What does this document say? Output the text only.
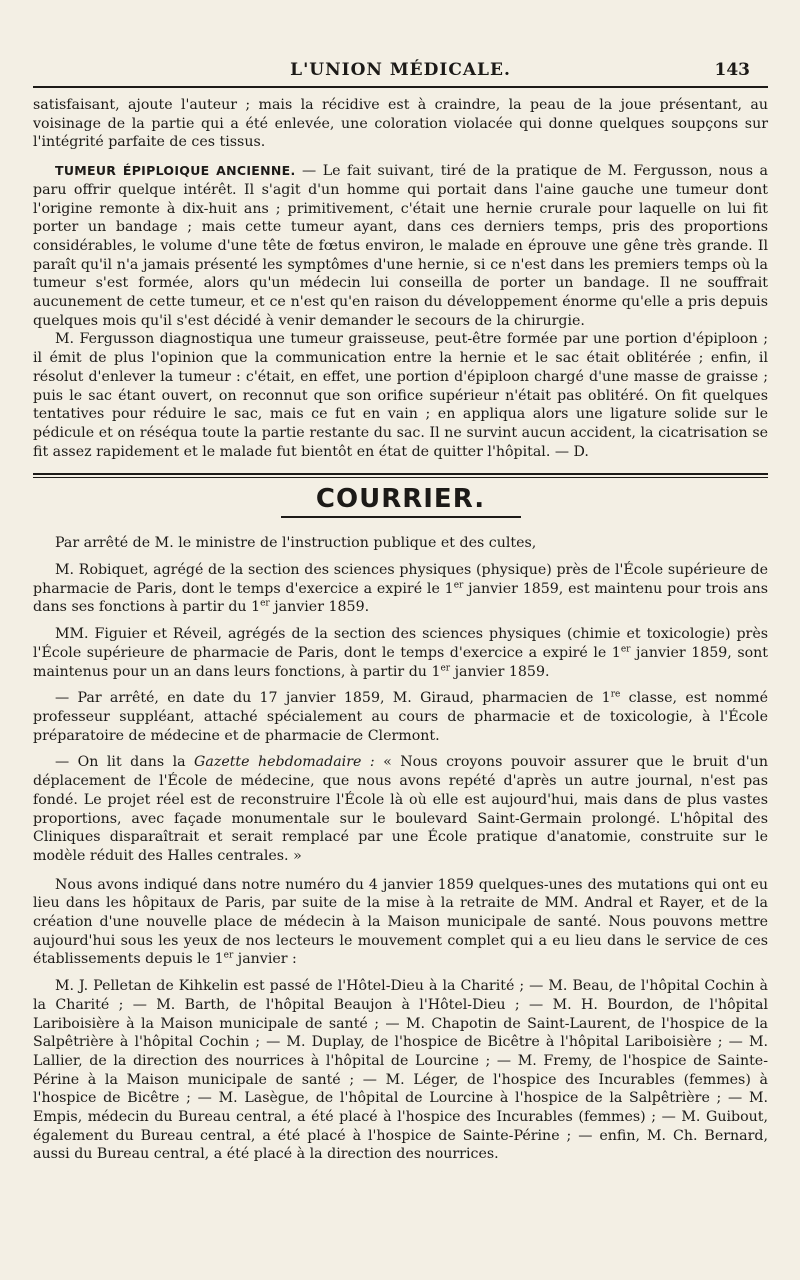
L'UNION MÉDICALE.	143

satisfaisant, ajoute l'auteur ; mais la récidive est à craindre, la peau de la joue présentant, au voisinage de la partie qui a été enlevée, une coloration violacée qui donne quelques soupçons sur l'intégrité parfaite de ces tissus.

TUMEUR ÉPIPLOIQUE ANCIENNE. — Le fait suivant, tiré de la pratique de M. Fergusson, nous a paru offrir quelque intérêt. Il s'agit d'un homme qui portait dans l'aine gauche une tumeur dont l'origine remonte à dix-huit ans ; primitivement, c'était une hernie crurale pour laquelle on lui fit porter un bandage ; mais cette tumeur ayant, dans ces derniers temps, pris des proportions considérables, le volume d'une tête de fœtus environ, le malade en éprouve une gêne très grande. Il paraît qu'il n'a jamais présenté les symptômes d'une hernie, si ce n'est dans les premiers temps où la tumeur s'est formée, alors qu'un médecin lui conseilla de porter un bandage. Il ne souffrait aucunement de cette tumeur, et ce n'est qu'en raison du développement énorme qu'elle a pris depuis quelques mois qu'il s'est décidé à venir demander le secours de la chirurgie.

M. Fergusson diagnostiqua une tumeur graisseuse, peut-être formée par une portion d'épiploon ; il émit de plus l'opinion que la communication entre la hernie et le sac était oblitérée ; enfin, il résolut d'enlever la tumeur : c'était, en effet, une portion d'épiploon chargé d'une masse de graisse ; puis le sac étant ouvert, on reconnut que son orifice supérieur n'était pas oblitéré. On fit quelques tentatives pour réduire le sac, mais ce fut en vain ; en appliqua alors une ligature solide sur le pédicule et on réséqua toute la partie restante du sac. Il ne survint aucun accident, la cicatrisation se fit assez rapidement et le malade fut bientôt en état de quitter l'hôpital. — D.

COURRIER.

Par arrêté de M. le ministre de l'instruction publique et des cultes,

M. Robiquet, agrégé de la section des sciences physiques (physique) près de l'École supérieure de pharmacie de Paris, dont le temps d'exercice a expiré le 1er janvier 1859, est maintenu pour trois ans dans ses fonctions à partir du 1er janvier 1859.

MM. Figuier et Réveil, agrégés de la section des sciences physiques (chimie et toxicologie) près l'École supérieure de pharmacie de Paris, dont le temps d'exercice a expiré le 1er janvier 1859, sont maintenus pour un an dans leurs fonctions, à partir du 1er janvier 1859.

— Par arrêté, en date du 17 janvier 1859, M. Giraud, pharmacien de 1re classe, est nommé professeur suppléant, attaché spécialement au cours de pharmacie et de toxicologie, à l'École préparatoire de médecine et de pharmacie de Clermont.

— On lit dans la Gazette hebdomadaire : « Nous croyons pouvoir assurer que le bruit d'un déplacement de l'École de médecine, que nous avons repété d'après un autre journal, n'est pas fondé. Le projet réel est de reconstruire l'École là où elle est aujourd'hui, mais dans de plus vastes proportions, avec façade monumentale sur le boulevard Saint-Germain prolongé. L'hôpital des Cliniques disparaîtrait et serait remplacé par une École pratique d'anatomie, construite sur le modèle réduit des Halles centrales. »

Nous avons indiqué dans notre numéro du 4 janvier 1859 quelques-unes des mutations qui ont eu lieu dans les hôpitaux de Paris, par suite de la mise à la retraite de MM. Andral et Rayer, et de la création d'une nouvelle place de médecin à la Maison municipale de santé. Nous pouvons mettre aujourd'hui sous les yeux de nos lecteurs le mouvement complet qui a eu lieu dans le service de ces établissements depuis le 1er janvier :

M. J. Pelletan de Kihkelin est passé de l'Hôtel-Dieu à la Charité ; — M. Beau, de l'hôpital Cochin à la Charité ; — M. Barth, de l'hôpital Beaujon à l'Hôtel-Dieu ; — M. H. Bourdon, de l'hôpital Lariboisière à la Maison municipale de santé ; — M. Chapotin de Saint-Laurent, de l'hospice de la Salpêtrière à l'hôpital Cochin ; — M. Duplay, de l'hospice de Bicêtre à l'hôpital Lariboisière ; — M. Lallier, de la direction des nourrices à l'hôpital de Lourcine ; — M. Fremy, de l'hospice de Sainte-Périne à la Maison municipale de santé ; — M. Léger, de l'hospice des Incurables (femmes) à l'hospice de Bicêtre ; — M. Lasègue, de l'hôpital de Lourcine à l'hospice de la Salpêtrière ; — M. Empis, médecin du Bureau central, a été placé à l'hospice des Incurables (femmes) ; — M. Guibout, également du Bureau central, a été placé à l'hospice de Sainte-Périne ; — enfin, M. Ch. Bernard, aussi du Bureau central, a été placé à la direction des nourrices.
